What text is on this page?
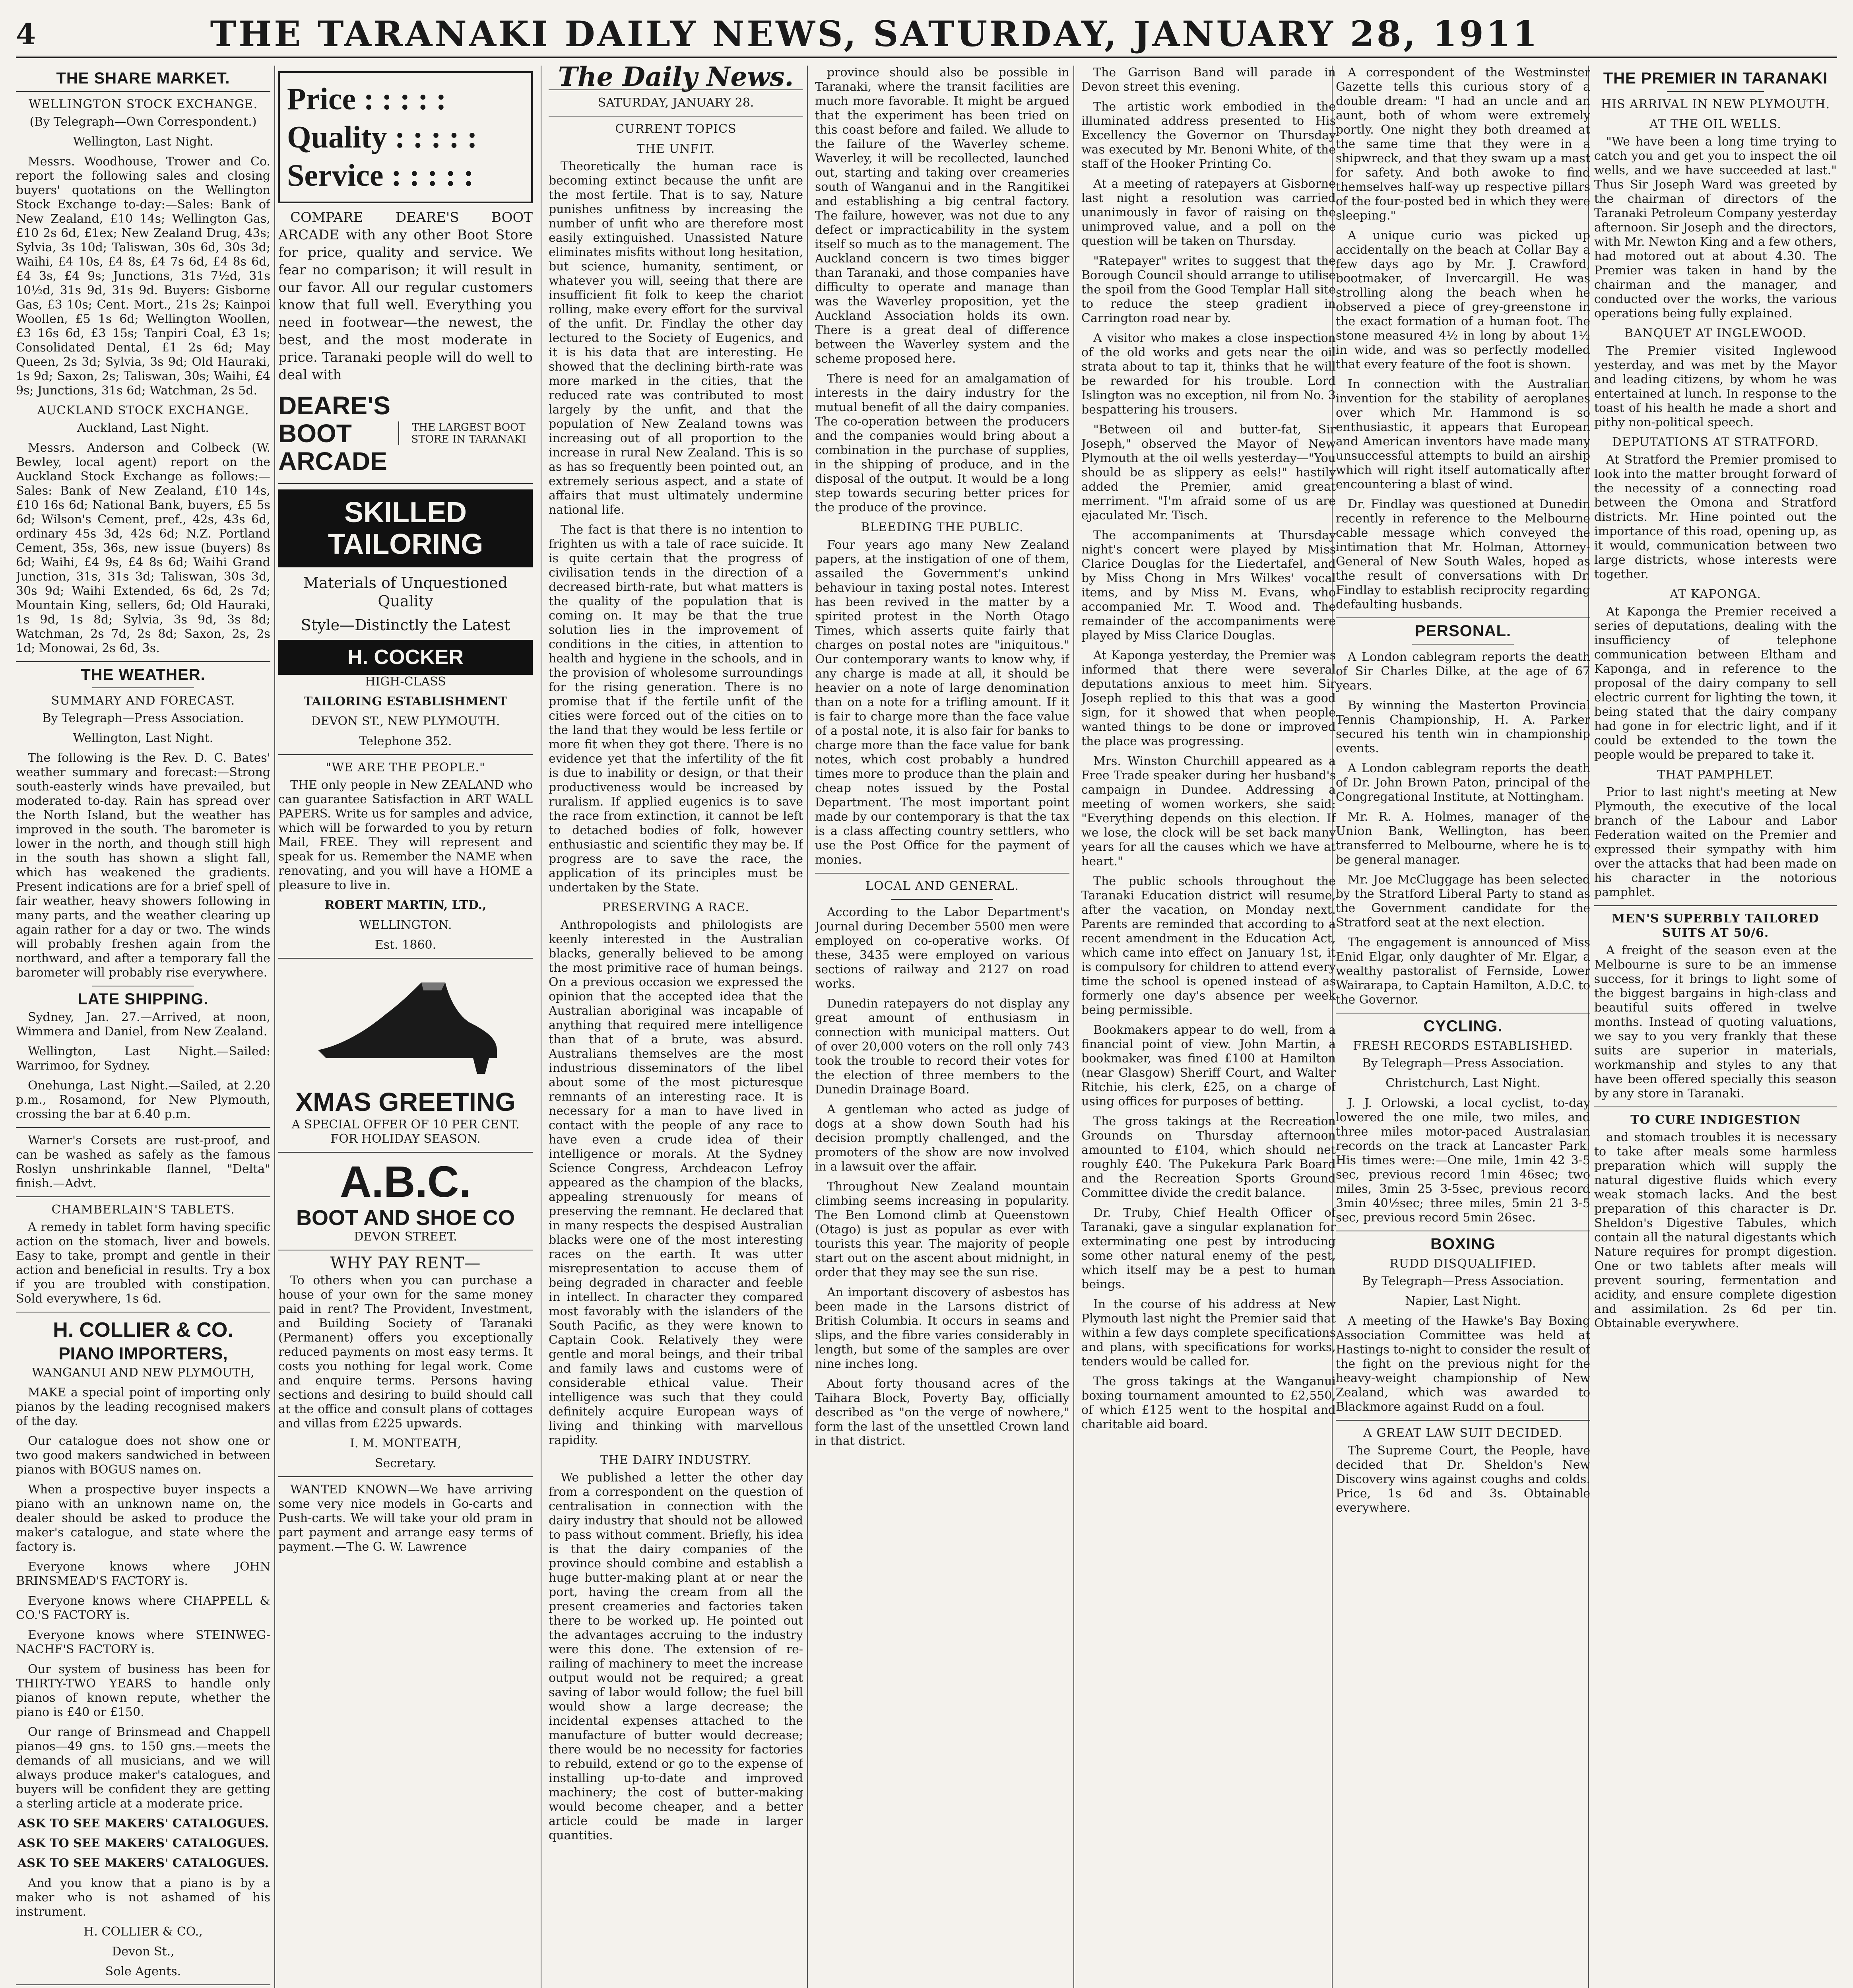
4	THE TARANAKI DAILY NEWS, SATURDAY, JANUARY 28, 1911
THE SHARE MARKET.
WELLINGTON STOCK EXCHANGE.

(By Telegraph—Own Correspondent.)

Wellington, Last Night.

Messrs. Woodhouse, Trower and Co. report the following sales and closing buyers' quotations on the Wellington Stock Exchange to-day:—Sales: Bank of New Zealand, £10 14s; Wellington Gas, £10 2s 6d, £1ex; New Zealand Drug, 43s; Sylvia, 3s 10d; Taliswan, 30s 6d, 30s 3d; Waihi, £4 10s, £4 8s, £4 7s 6d, £4 8s 6d, £4 3s, £4 9s; Junctions, 31s 7½d, 31s 10½d, 31s 9d, 31s 9d. Buyers: Gisborne Gas, £3 10s; Cent. Mort., 21s 2s; Kainpoi Woollen, £5 1s 6d; Wellington Woollen, £3 16s 6d, £3 15s; Tanpiri Coal, £3 1s; Consolidated Dental, £1 2s 6d; May Queen, 2s 3d; Sylvia, 3s 9d; Old Hauraki, 1s 9d; Saxon, 2s; Taliswan, 30s; Waihi, £4 9s; Junctions, 31s 6d; Watchman, 2s 5d.

AUCKLAND STOCK EXCHANGE.

Auckland, Last Night.

Messrs. Anderson and Colbeck (W. Bewley, local agent) report on the Auckland Stock Exchange as follows:—Sales: Bank of New Zealand, £10 14s, £10 16s 6d; National Bank, buyers, £5 5s 6d; Wilson's Cement, pref., 42s, 43s 6d, ordinary 45s 3d, 42s 6d; N.Z. Portland Cement, 35s, 36s, new issue (buyers) 8s 6d; Waihi, £4 9s, £4 8s 6d; Waihi Grand Junction, 31s, 31s 3d; Taliswan, 30s 3d, 30s 9d; Waihi Extended, 6s 6d, 2s 7d; Mountain King, sellers, 6d; Old Hauraki, 1s 9d, 1s 8d; Sylvia, 3s 9d, 3s 8d; Watchman, 2s 7d, 2s 8d; Saxon, 2s, 2s 1d; Monowai, 2s 6d, 3s.

THE WEATHER.
SUMMARY AND FORECAST.

By Telegraph—Press Association.

Wellington, Last Night.

The following is the Rev. D. C. Bates' weather summary and forecast:—Strong south-easterly winds have prevailed, but moderated to-day. Rain has spread over the North Island, but the weather has improved in the south. The barometer is lower in the north, and though still high in the south has shown a slight fall, which has weakened the gradients. Present indications are for a brief spell of fair weather, heavy showers following in many parts, and the weather clearing up again rather for a day or two. The winds will probably freshen again from the northward, and after a temporary fall the barometer will probably rise everywhere.

LATE SHIPPING.

Sydney, Jan. 27.—Arrived, at noon, Wimmera and Daniel, from New Zealand.

Wellington, Last Night.—Sailed: Warrimoo, for Sydney.

Onehunga, Last Night.—Sailed, at 2.20 p.m., Rosamond, for New Plymouth, crossing the bar at 6.40 p.m.

Warner's Corsets are rust-proof, and can be washed as safely as the famous Roslyn unshrinkable flannel, "Delta" finish.—Advt.

CHAMBERLAIN'S TABLETS.

A remedy in tablet form having specific action on the stomach, liver and bowels. Easy to take, prompt and gentle in their action and beneficial in results. Try a box if you are troubled with constipation. Sold everywhere, 1s 6d.

H. COLLIER & CO.
PIANO IMPORTERS,

WANGANUI AND NEW PLYMOUTH,

MAKE a special point of importing only pianos by the leading recognised makers of the day.

Our catalogue does not show one or two good makers sandwiched in between pianos with BOGUS names on.

When a prospective buyer inspects a piano with an unknown name on, the dealer should be asked to produce the maker's catalogue, and state where the factory is.

Everyone knows where JOHN BRINSMEAD'S FACTORY is.

Everyone knows where CHAPPELL & CO.'S FACTORY is.

Everyone knows where STEINWEG-NACHF'S FACTORY is.

Our system of business has been for THIRTY-TWO YEARS to handle only pianos of known repute, whether the piano is £40 or £150.

Our range of Brinsmead and Chappell pianos—49 gns. to 150 gns.—meets the demands of all musicians, and we will always produce maker's catalogues, and buyers will be confident they are getting a sterling article at a moderate price.

ASK TO SEE MAKERS' CATALOGUES.

ASK TO SEE MAKERS' CATALOGUES.

ASK TO SEE MAKERS' CATALOGUES.

And you know that a piano is by a maker who is not ashamed of his instrument.

H. COLLIER & CO.,

Devon St.,

Sole Agents.

Price : : : : :
Quality : : : : :
Service : : : : :

COMPARE DEARE'S BOOT ARCADE with any other Boot Store for price, quality and service. We fear no comparison; it will result in our favor. All our regular customers know that full well. Everything you need in footwear—the newest, the best, and the most moderate in price. Taranaki people will do well to deal with

DEARE'S
BOOT
ARCADE
THE LARGEST BOOT STORE IN TARANAKI
SKILLED
TAILORING

Materials of Unquestioned Quality

Style—Distinctly the Latest

H. COCKER

HIGH-CLASS

TAILORING ESTABLISHMENT

DEVON ST., NEW PLYMOUTH.

Telephone 352.

"WE ARE THE PEOPLE."

THE only people in New ZEALAND who can guarantee Satisfaction in ART WALL PAPERS. Write us for samples and advice, which will be forwarded to you by return Mail, FREE. They will represent and speak for us. Remember the NAME when renovating, and you will have a HOME a pleasure to live in.

ROBERT MARTIN, LTD.,

WELLINGTON.

Est. 1860.

XMAS GREETING

A SPECIAL OFFER OF 10 PER CENT. FOR HOLIDAY SEASON.

A.B.C.
BOOT AND SHOE CO

DEVON STREET.

WHY PAY RENT—

To others when you can purchase a house of your own for the same money paid in rent? The Provident, Investment, and Building Society of Taranaki (Permanent) offers you exceptionally reduced payments on most easy terms. It costs you nothing for legal work. Come and enquire terms. Persons having sections and desiring to build should call at the office and consult plans of cottages and villas from £225 upwards.

I. M. MONTEATH,

Secretary.

WANTED KNOWN—We have arriving some very nice models in Go-carts and Push-carts. We will take your old pram in part payment and arrange easy terms of payment.—The G. W. Lawrence

The Daily News.

SATURDAY, JANUARY 28.

CURRENT TOPICS
THE UNFIT.

Theoretically the human race is becoming extinct because the unfit are the most fertile. That is to say, Nature punishes unfitness by increasing the number of unfit who are therefore most easily extinguished. Unassisted Nature eliminates misfits without long hesitation, but science, humanity, sentiment, or whatever you will, seeing that there are insufficient fit folk to keep the chariot rolling, make every effort for the survival of the unfit. Dr. Findlay the other day lectured to the Society of Eugenics, and it is his data that are interesting. He showed that the declining birth-rate was more marked in the cities, that the reduced rate was contributed to most largely by the unfit, and that the population of New Zealand towns was increasing out of all proportion to the increase in rural New Zealand. This is so as has so frequently been pointed out, an extremely serious aspect, and a state of affairs that must ultimately undermine national life.

The fact is that there is no intention to frighten us with a tale of race suicide. It is quite certain that the progress of civilisation tends in the direction of a decreased birth-rate, but what matters is the quality of the population that is coming on. It may be that the true solution lies in the improvement of conditions in the cities, in attention to health and hygiene in the schools, and in the provision of wholesome surroundings for the rising generation. There is no promise that if the fertile unfit of the cities were forced out of the cities on to the land that they would be less fertile or more fit when they got there. There is no evidence yet that the infertility of the fit is due to inability or design, or that their productiveness would be increased by ruralism. If applied eugenics is to save the race from extinction, it cannot be left to detached bodies of folk, however enthusiastic and scientific they may be. If progress are to save the race, the application of its principles must be undertaken by the State.

PRESERVING A RACE.

Anthropologists and philologists are keenly interested in the Australian blacks, generally believed to be among the most primitive race of human beings. On a previous occasion we expressed the opinion that the accepted idea that the Australian aboriginal was incapable of anything that required mere intelligence than that of a brute, was absurd. Australians themselves are the most industrious disseminators of the libel about some of the most picturesque remnants of an interesting race. It is necessary for a man to have lived in contact with the people of any race to have even a crude idea of their intelligence or morals. At the Sydney Science Congress, Archdeacon Lefroy appeared as the champion of the blacks, appealing strenuously for means of preserving the remnant. He declared that in many respects the despised Australian blacks were one of the most interesting races on the earth. It was utter misrepresentation to accuse them of being degraded in character and feeble in intellect. In character they compared most favorably with the islanders of the South Pacific, as they were known to Captain Cook. Relatively they were gentle and moral beings, and their tribal and family laws and customs were of considerable ethical value. Their intelligence was such that they could definitely acquire European ways of living and thinking with marvellous rapidity.

THE DAIRY INDUSTRY.

We published a letter the other day from a correspondent on the question of centralisation in connection with the dairy industry that should not be allowed to pass without comment. Briefly, his idea is that the dairy companies of the province should combine and establish a huge butter-making plant at or near the port, having the cream from all the present creameries and factories taken there to be worked up. He pointed out the advantages accruing to the industry were this done. The extension of re-railing of machinery to meet the increase output would not be required; a great saving of labor would follow; the fuel bill would show a large decrease; the incidental expenses attached to the manufacture of butter would decrease; there would be no necessity for factories to rebuild, extend or go to the expense of installing up-to-date and improved machinery; the cost of butter-making would become cheaper, and a better article could be made in larger quantities.

province should also be possible in Taranaki, where the transit facilities are much more favorable. It might be argued that the experiment has been tried on this coast before and failed. We allude to the failure of the Waverley scheme. Waverley, it will be recollected, launched out, starting and taking over creameries south of Wanganui and in the Rangitikei and establishing a big central factory. The failure, however, was not due to any defect or impracticability in the system itself so much as to the management. The Auckland concern is two times bigger than Taranaki, and those companies have difficulty to operate and manage than was the Waverley proposition, yet the Auckland Association holds its own. There is a great deal of difference between the Waverley system and the scheme proposed here.

There is need for an amalgamation of interests in the dairy industry for the mutual benefit of all the dairy companies. The co-operation between the producers and the companies would bring about a combination in the purchase of supplies, in the shipping of produce, and in the disposal of the output. It would be a long step towards securing better prices for the produce of the province.

BLEEDING THE PUBLIC.

Four years ago many New Zealand papers, at the instigation of one of them, assailed the Government's unkind behaviour in taxing postal notes. Interest has been revived in the matter by a spirited protest in the North Otago Times, which asserts quite fairly that charges on postal notes are "iniquitous." Our contemporary wants to know why, if any charge is made at all, it should be heavier on a note of large denomination than on a note for a trifling amount. If it is fair to charge more than the face value of a postal note, it is also fair for banks to charge more than the face value for bank notes, which cost probably a hundred times more to produce than the plain and cheap notes issued by the Postal Department. The most important point made by our contemporary is that the tax is a class affecting country settlers, who use the Post Office for the payment of monies.

LOCAL AND GENERAL.

According to the Labor Department's Journal during December 5500 men were employed on co-operative works. Of these, 3435 were employed on various sections of railway and 2127 on road works.

Dunedin ratepayers do not display any great amount of enthusiasm in connection with municipal matters. Out of over 20,000 voters on the roll only 743 took the trouble to record their votes for the election of three members to the Dunedin Drainage Board.

A gentleman who acted as judge of dogs at a show down South had his decision promptly challenged, and the promoters of the show are now involved in a lawsuit over the affair.

Throughout New Zealand mountain climbing seems increasing in popularity. The Ben Lomond climb at Queenstown (Otago) is just as popular as ever with tourists this year. The majority of people start out on the ascent about midnight, in order that they may see the sun rise.

An important discovery of asbestos has been made in the Larsons district of British Columbia. It occurs in seams and slips, and the fibre varies considerably in length, but some of the samples are over nine inches long.

About forty thousand acres of the Taihara Block, Poverty Bay, officially described as "on the verge of nowhere," form the last of the unsettled Crown land in that district.

The Garrison Band will parade in Devon street this evening.

The artistic work embodied in the illuminated address presented to His Excellency the Governor on Thursday was executed by Mr. Benoni White, of the staff of the Hooker Printing Co.

At a meeting of ratepayers at Gisborne last night a resolution was carried unanimously in favor of raising on the unimproved value, and a poll on the question will be taken on Thursday.

"Ratepayer" writes to suggest that the Borough Council should arrange to utilise the spoil from the Good Templar Hall site to reduce the steep gradient in Carrington road near by.

A visitor who makes a close inspection of the old works and gets near the oil strata about to tap it, thinks that he will be rewarded for his trouble. Lord Islington was no exception, nil from No. 3 bespattering his trousers.

"Between oil and butter-fat, Sir Joseph," observed the Mayor of New Plymouth at the oil wells yesterday—"You should be as slippery as eels!" hastily added the Premier, amid great merriment. "I'm afraid some of us are ejaculated Mr. Tisch.

The accompaniments at Thursday night's concert were played by Miss Clarice Douglas for the Liedertafel, and by Miss Chong in Mrs Wilkes' vocal items, and by Miss M. Evans, who accompanied Mr. T. Wood and. The remainder of the accompaniments were played by Miss Clarice Douglas.

At Kaponga yesterday, the Premier was informed that there were several deputations anxious to meet him. Sir Joseph replied to this that was a good sign, for it showed that when people wanted things to be done or improved the place was progressing.

Mrs. Winston Churchill appeared as a Free Trade speaker during her husband's campaign in Dundee. Addressing a meeting of women workers, she said: "Everything depends on this election. If we lose, the clock will be set back many years for all the causes which we have at heart."

The public schools throughout the Taranaki Education district will resume, after the vacation, on Monday next. Parents are reminded that according to a recent amendment in the Education Act, which came into effect on January 1st, it is compulsory for children to attend every time the school is opened instead of as formerly one day's absence per week being permissible.

Bookmakers appear to do well, from a financial point of view. John Martin, a bookmaker, was fined £100 at Hamilton (near Glasgow) Sheriff Court, and Walter Ritchie, his clerk, £25, on a charge of using offices for purposes of betting.

The gross takings at the Recreation Grounds on Thursday afternoon amounted to £104, which should net roughly £40. The Pukekura Park Board and the Recreation Sports Ground Committee divide the credit balance.

Dr. Truby, Chief Health Officer of Taranaki, gave a singular explanation for exterminating one pest by introducing some other natural enemy of the pest, which itself may be a pest to human beings.

In the course of his address at New Plymouth last night the Premier said that within a few days complete specifications and plans, with specifications for works, tenders would be called for.

The gross takings at the Wanganui boxing tournament amounted to £2,550, of which £125 went to the hospital and charitable aid board.

A correspondent of the Westminster Gazette tells this curious story of a double dream: "I had an uncle and an aunt, both of whom were extremely portly. One night they both dreamed at the same time that they were in a shipwreck, and that they swam up a mast for safety. And both awoke to find themselves half-way up respective pillars of the four-posted bed in which they were sleeping."

A unique curio was picked up accidentally on the beach at Collar Bay a few days ago by Mr. J. Crawford, bootmaker, of Invercargill. He was strolling along the beach when he observed a piece of grey-greenstone in the exact formation of a human foot. The stone measured 4½ in long by about 1½ in wide, and was so perfectly modelled that every feature of the foot is shown.

In connection with the Australian invention for the stability of aeroplanes over which Mr. Hammond is so enthusiastic, it appears that European and American inventors have made many unsuccessful attempts to build an airship which will right itself automatically after encountering a blast of wind.

Dr. Findlay was questioned at Dunedin recently in reference to the Melbourne cable message which conveyed the intimation that Mr. Holman, Attorney-General of New South Wales, hoped as the result of conversations with Dr. Findlay to establish reciprocity regarding defaulting husbands.

PERSONAL.

A London cablegram reports the death of Sir Charles Dilke, at the age of 67 years.

By winning the Masterton Provincial Tennis Championship, H. A. Parker secured his tenth win in championship events.

A London cablegram reports the death of Dr. John Brown Paton, principal of the Congregational Institute, at Nottingham.

Mr. R. A. Holmes, manager of the Union Bank, Wellington, has been transferred to Melbourne, where he is to be general manager.

Mr. Joe McCluggage has been selected by the Stratford Liberal Party to stand as the Government candidate for the Stratford seat at the next election.

The engagement is announced of Miss Enid Elgar, only daughter of Mr. Elgar, a wealthy pastoralist of Fernside, Lower Wairarapa, to Captain Hamilton, A.D.C. to the Governor.

CYCLING.
FRESH RECORDS ESTABLISHED.

By Telegraph—Press Association.

Christchurch, Last Night.

J. J. Orlowski, a local cyclist, to-day lowered the one mile, two miles, and three miles motor-paced Australasian records on the track at Lancaster Park. His times were:—One mile, 1min 42 3-5 sec, previous record 1min 46sec; two miles, 3min 25 3-5sec, previous record 3min 40½sec; three miles, 5min 21 3-5 sec, previous record 5min 26sec.

BOXING
RUDD DISQUALIFIED.

By Telegraph—Press Association.

Napier, Last Night.

A meeting of the Hawke's Bay Boxing Association Committee was held at Hastings to-night to consider the result of the fight on the previous night for the heavy-weight championship of New Zealand, which was awarded to Blackmore against Rudd on a foul.

A GREAT LAW SUIT DECIDED.

The Supreme Court, the People, have decided that Dr. Sheldon's New Discovery wins against coughs and colds. Price, 1s 6d and 3s. Obtainable everywhere.

THE PREMIER IN TARANAKI
HIS ARRIVAL IN NEW PLYMOUTH.
AT THE OIL WELLS.

"We have been a long time trying to catch you and get you to inspect the oil wells, and we have succeeded at last." Thus Sir Joseph Ward was greeted by the chairman of directors of the Taranaki Petroleum Company yesterday afternoon. Sir Joseph and the directors, with Mr. Newton King and a few others, had motored out at about 4.30. The Premier was taken in hand by the chairman and the manager, and conducted over the works, the various operations being fully explained.

BANQUET AT INGLEWOOD.

The Premier visited Inglewood yesterday, and was met by the Mayor and leading citizens, by whom he was entertained at lunch. In response to the toast of his health he made a short and pithy non-political speech.

DEPUTATIONS AT STRATFORD.

At Stratford the Premier promised to look into the matter brought forward of the necessity of a connecting road between the Omona and Stratford districts. Mr. Hine pointed out the importance of this road, opening up, as it would, communication between two large districts, whose interests were together.

AT KAPONGA.

At Kaponga the Premier received a series of deputations, dealing with the insufficiency of telephone communication between Eltham and Kaponga, and in reference to the proposal of the dairy company to sell electric current for lighting the town, it being stated that the dairy company had gone in for electric light, and if it could be extended to the town the people would be prepared to take it.

THAT PAMPHLET.

Prior to last night's meeting at New Plymouth, the executive of the local branch of the Labour and Labor Federation waited on the Premier and expressed their sympathy with him over the attacks that had been made on his character in the notorious pamphlet.

MEN'S SUPERBLY TAILORED SUITS AT 50/6.

A freight of the season even at the Melbourne is sure to be an immense success, for it brings to light some of the biggest bargains in high-class and beautiful suits offered in twelve months. Instead of quoting valuations, we say to you very frankly that these suits are superior in materials, workmanship and styles to any that have been offered specially this season by any store in Taranaki.

TO CURE INDIGESTION

and stomach troubles it is necessary to take after meals some harmless preparation which will supply the natural digestive fluids which every weak stomach lacks. And the best preparation of this character is Dr. Sheldon's Digestive Tabules, which contain all the natural digestants which Nature requires for prompt digestion. One or two tablets after meals will prevent souring, fermentation and acidity, and ensure complete digestion and assimilation. 2s 6d per tin. Obtainable everywhere.
